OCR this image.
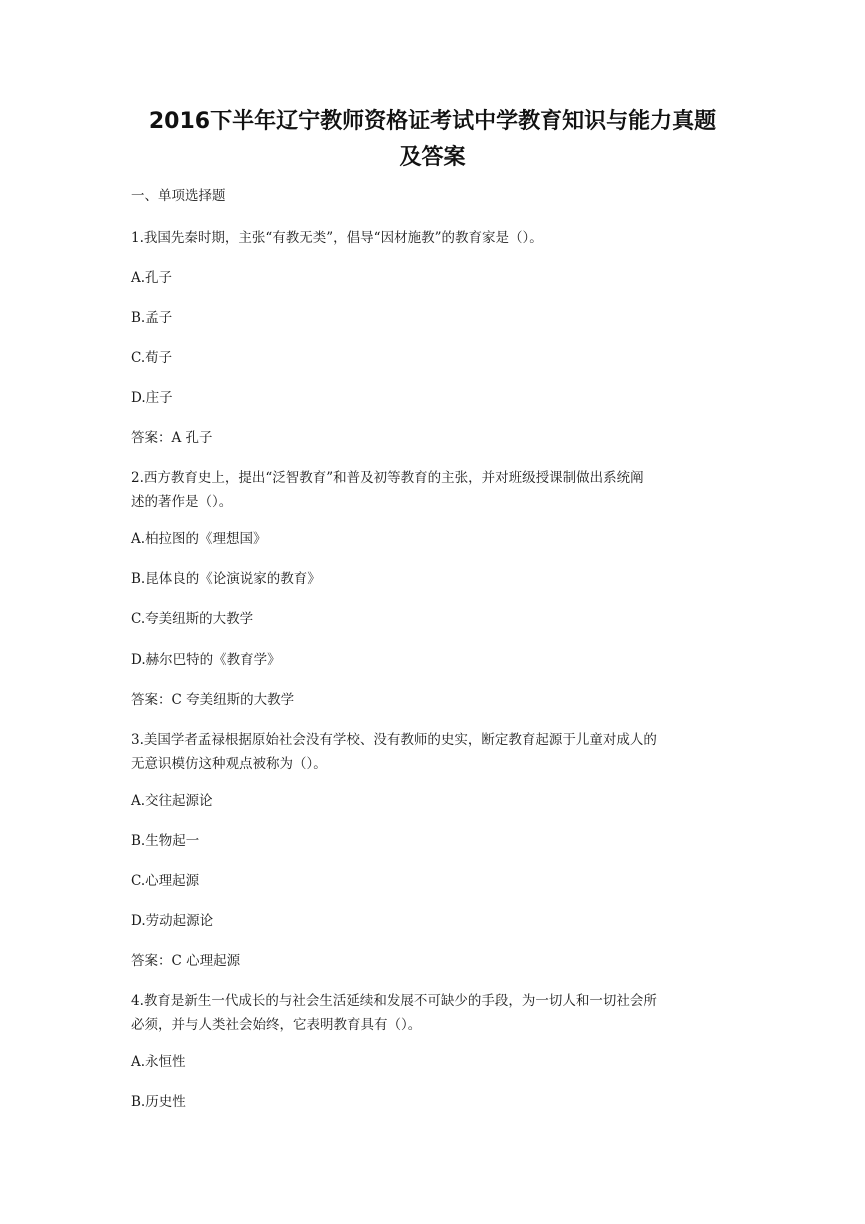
2016下半年辽宁教师资格证考试中学教育知识与能力真题
及答案

一、单项选择题

1.我国先秦时期，主张“有教无类”，倡导“因材施教”的教育家是（）。

A.孔子

B.孟子

C.荀子

D.庄子

答案：A 孔子

2.西方教育史上，提出“泛智教育”和普及初等教育的主张，并对班级授课制做出系统阐
述的著作是（）。

A.柏拉图的《理想国》

B.昆体良的《论演说家的教育》

C.夸美纽斯的大教学

D.赫尔巴特的《教育学》

答案：C 夸美纽斯的大教学

3.美国学者孟禄根据原始社会没有学校、没有教师的史实，断定教育起源于儿童对成人的
无意识模仿这种观点被称为（）。

A.交往起源论

B.生物起一

C.心理起源

D.劳动起源论

答案：C 心理起源

4.教育是新生一代成长的与社会生活延续和发展不可缺少的手段，为一切人和一切社会所
必须，并与人类社会始终，它表明教育具有（）。

A.永恒性

B.历史性
